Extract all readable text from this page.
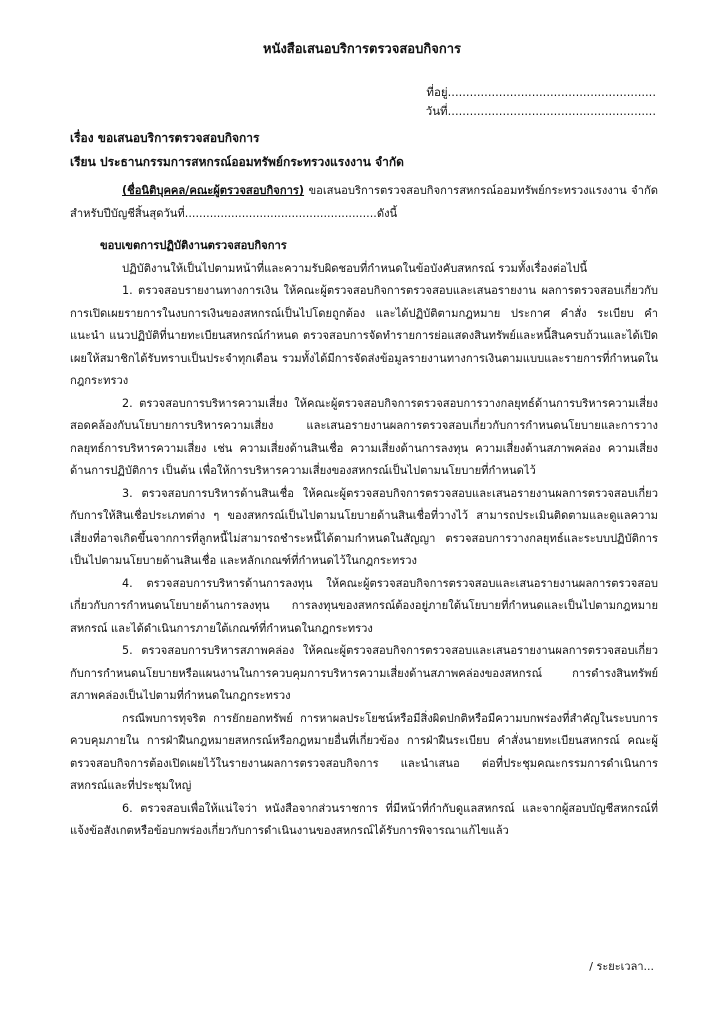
หนังสือเสนอบริการตรวจสอบกิจการ
ที่อยู่.........................................................
วันที่.........................................................
เรื่อง ขอเสนอบริการตรวจสอบกิจการ
เรียน ประธานกรรมการสหกรณ์ออมทรัพย์กระทรวงแรงงาน จำกัด

(ชื่อนิติบุคคล/คณะผู้ตรวจสอบกิจการ) ขอเสนอบริการตรวจสอบกิจการสหกรณ์ออมทรัพย์กระทรวงแรงงาน จำกัด สำหรับปีบัญชีสิ้นสุดวันที่......................................................ดังนี้

ขอบเขตการปฏิบัติงานตรวจสอบกิจการ

ปฏิบัติงานให้เป็นไปตามหน้าที่และความรับผิดชอบที่กำหนดในข้อบังคับสหกรณ์ รวมทั้งเรื่องต่อไปนี้

1. ตรวจสอบรายงานทางการเงิน ให้คณะผู้ตรวจสอบกิจการตรวจสอบและเสนอรายงาน ผลการตรวจสอบเกี่ยวกับการเปิดเผยรายการในงบการเงินของสหกรณ์เป็นไปโดยถูกต้อง และได้ปฏิบัติตามกฎหมาย ประกาศ คำสั่ง ระเบียบ คำแนะนำ แนวปฏิบัติที่นายทะเบียนสหกรณ์กำหนด ตรวจสอบการจัดทำรายการย่อแสดงสินทรัพย์และหนี้สินครบถ้วนและได้เปิดเผยให้สมาชิกได้รับทราบเป็นประจำทุกเดือน รวมทั้งได้มีการจัดส่งข้อมูลรายงานทางการเงินตามแบบและรายการที่กำหนดในกฎกระทรวง

2. ตรวจสอบการบริหารความเสี่ยง ให้คณะผู้ตรวจสอบกิจการตรวจสอบการวางกลยุทธ์ด้านการบริหารความเสี่ยงสอดคล้องกับนโยบายการบริหารความเสี่ยง และเสนอรายงานผลการตรวจสอบเกี่ยวกับการกำหนดนโยบายและการวางกลยุทธ์การบริหารความเสี่ยง เช่น ความเสี่ยงด้านสินเชื่อ ความเสี่ยงด้านการลงทุน ความเสี่ยงด้านสภาพคล่อง ความเสี่ยงด้านการปฏิบัติการ เป็นต้น เพื่อให้การบริหารความเสี่ยงของสหกรณ์เป็นไปตามนโยบายที่กำหนดไว้

3. ตรวจสอบการบริหารด้านสินเชื่อ ให้คณะผู้ตรวจสอบกิจการตรวจสอบและเสนอรายงานผลการตรวจสอบเกี่ยวกับการให้สินเชื่อประเภทต่าง ๆ ของสหกรณ์เป็นไปตามนโยบายด้านสินเชื่อที่วางไว้ สามารถประเมินติดตามและดูแลความเสี่ยงที่อาจเกิดขึ้นจากการที่ลูกหนี้ไม่สามารถชำระหนี้ได้ตามกำหนดในสัญญา ตรวจสอบการวางกลยุทธ์และระบบปฏิบัติการเป็นไปตามนโยบายด้านสินเชื่อ และหลักเกณฑ์ที่กำหนดไว้ในกฎกระทรวง

4. ตรวจสอบการบริหารด้านการลงทุน ให้คณะผู้ตรวจสอบกิจการตรวจสอบและเสนอรายงานผลการตรวจสอบเกี่ยวกับการกำหนดนโยบายด้านการลงทุน การลงทุนของสหกรณ์ต้องอยู่ภายใต้นโยบายที่กำหนดและเป็นไปตามกฎหมายสหกรณ์ และได้ดำเนินการภายใต้เกณฑ์ที่กำหนดในกฎกระทรวง

5. ตรวจสอบการบริหารสภาพคล่อง ให้คณะผู้ตรวจสอบกิจการตรวจสอบและเสนอรายงานผลการตรวจสอบเกี่ยวกับการกำหนดนโยบายหรือแผนงานในการควบคุมการบริหารความเสี่ยงด้านสภาพคล่องของสหกรณ์ การดำรงสินทรัพย์สภาพคล่องเป็นไปตามที่กำหนดในกฎกระทรวง

กรณีพบการทุจริต การยักยอกทรัพย์ การหาผลประโยชน์หรือมีสิ่งผิดปกติหรือมีความบกพร่องที่สำคัญในระบบการควบคุมภายใน การฝ่าฝืนกฎหมายสหกรณ์หรือกฎหมายอื่นที่เกี่ยวข้อง การฝ่าฝืนระเบียบ คำสั่งนายทะเบียนสหกรณ์ คณะผู้ตรวจสอบกิจการต้องเปิดเผยไว้ในรายงานผลการตรวจสอบกิจการ และนำเสนอ ต่อที่ประชุมคณะกรรมการดำเนินการสหกรณ์และที่ประชุมใหญ่

6. ตรวจสอบเพื่อให้แน่ใจว่า หนังสือจากส่วนราชการ ที่มีหน้าที่กำกับดูแลสหกรณ์ และจากผู้สอบบัญชีสหกรณ์ที่แจ้งข้อสังเกตหรือข้อบกพร่องเกี่ยวกับการดำเนินงานของสหกรณ์ได้รับการพิจารณาแก้ไขแล้ว

/ ระยะเวลา...
